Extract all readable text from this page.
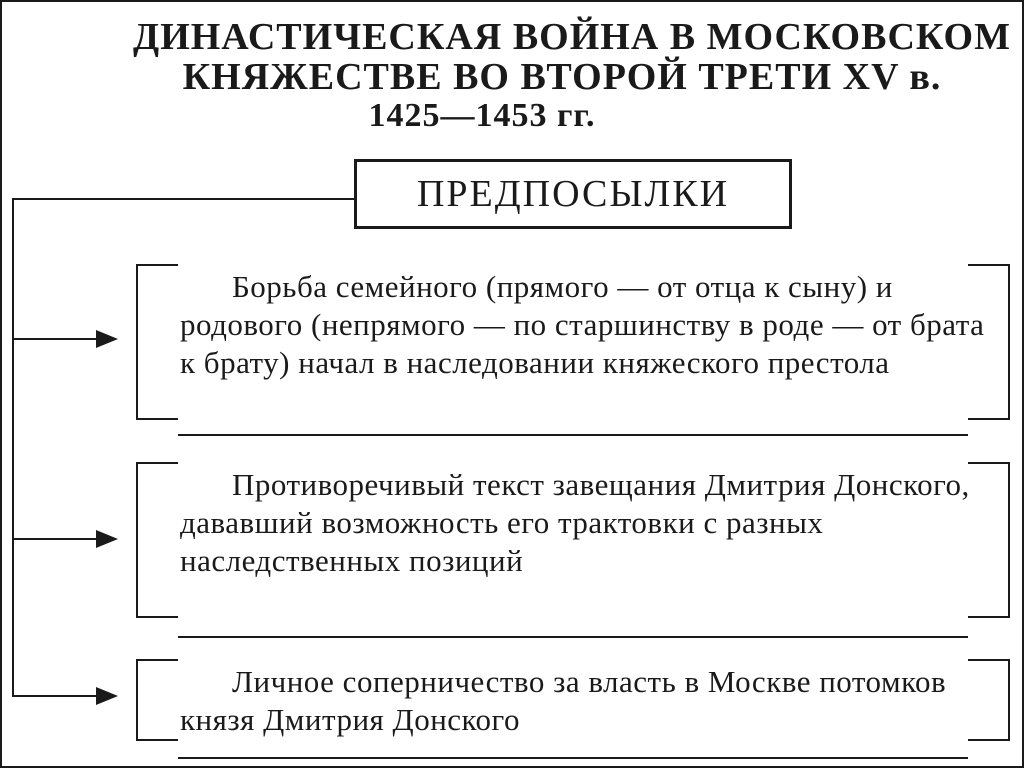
ДИНАСТИЧЕСКАЯ ВОЙНА В МОСКОВСКОМ
КНЯЖЕСТВЕ ВО ВТОРОЙ ТРЕТИ XV в.
1425—1453 гг.
ПРЕДПОСЫЛКИ
Борьба семейного (прямого — от отца к сыну) и родового (непрямого — по старшинству в роде — от брата к брату) начал в наследовании княжеского престола
Противоречивый текст завещания Дмитрия Донского, дававший возможность его трактовки с разных наследственных позиций
Личное соперничество за власть в Москве потомков князя Дмитрия Донского
